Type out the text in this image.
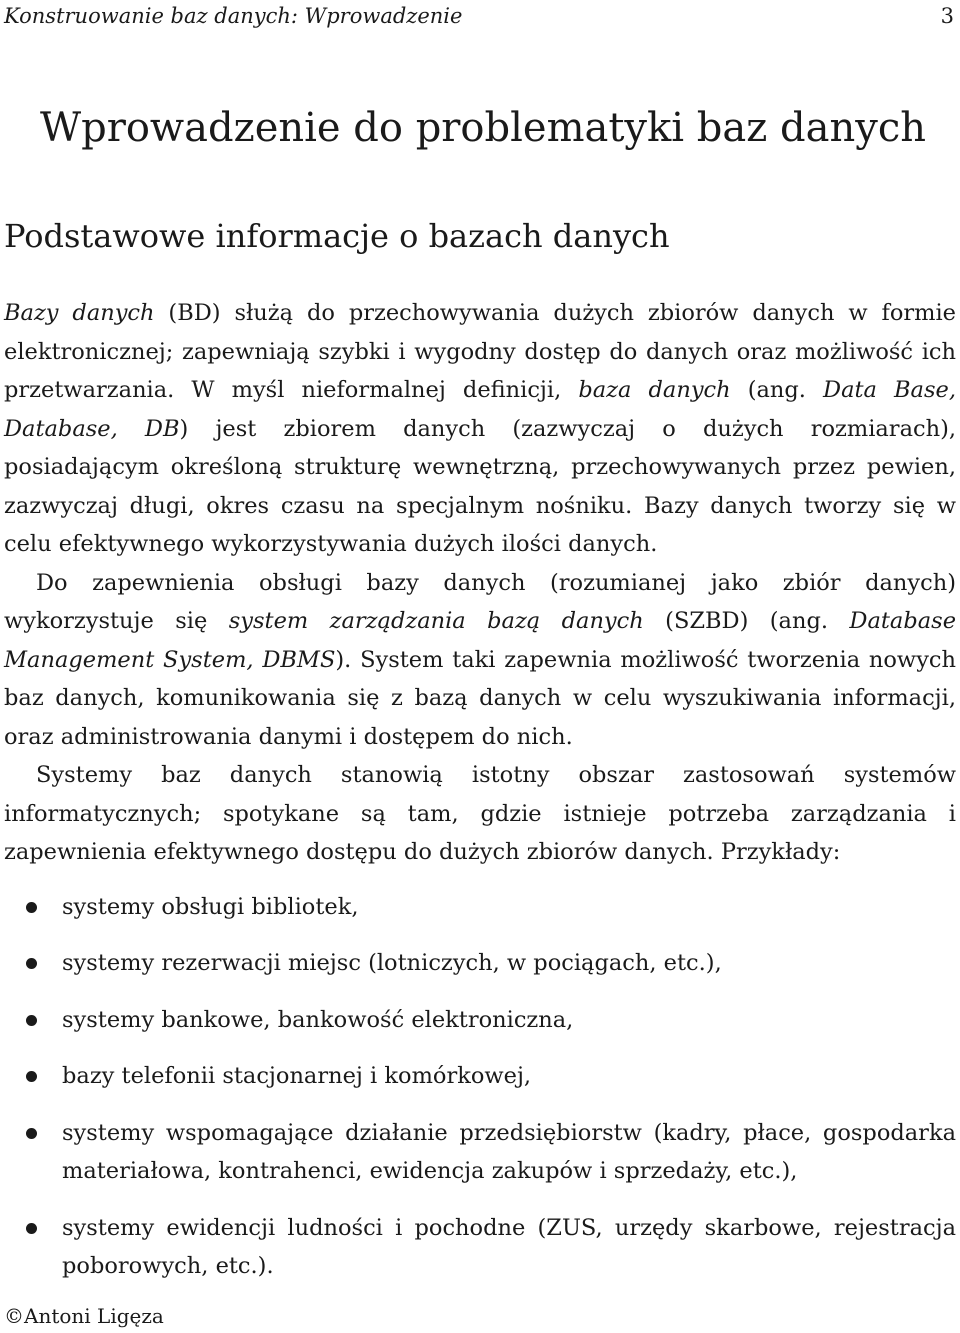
Konstruowanie baz danych: Wprowadzenie	3
Wprowadzenie do problematyki baz danych
Podstawowe informacje o bazach danych

Bazy danych (BD) służą do przechowywania dużych zbiorów danych w formie elektronicznej; zapewniają szybki i wygodny dostęp do danych oraz możliwość ich przetwarzania. W myśl nieformalnej definicji, baza danych (ang. Data Base, Database, DB) jest zbiorem danych (zazwyczaj o dużych rozmiarach), posiadającym określoną strukturę wewnętrzną, przechowywanych przez pewien, zazwyczaj długi, okres czasu na specjalnym nośniku. Bazy danych tworzy się w celu efektywnego wykorzystywania dużych ilości danych.

Do zapewnienia obsługi bazy danych (rozumianej jako zbiór danych) wykorzystuje się system zarządzania bazą danych (SZBD) (ang. Database Management System, DBMS). System taki zapewnia możliwość tworzenia nowych baz danych, komunikowania się z bazą danych w celu wyszukiwania informacji, oraz administrowania danymi i dostępem do nich.

Systemy baz danych stanowią istotny obszar zastosowań systemów informatycznych; spotykane są tam, gdzie istnieje potrzeba zarządzania i zapewnienia efektywnego dostępu do dużych zbiorów danych. Przykłady:

systemy obsługi bibliotek,
systemy rezerwacji miejsc (lotniczych, w pociągach, etc.),
systemy bankowe, bankowość elektroniczna,
bazy telefonii stacjonarnej i komórkowej,
systemy wspomagające działanie przedsiębiorstw (kadry, płace, gospodarka materiałowa, kontrahenci, ewidencja zakupów i sprzedaży, etc.),
systemy ewidencji ludności i pochodne (ZUS, urzędy skarbowe, rejestracja poborowych, etc.).
©Antoni Ligęza
